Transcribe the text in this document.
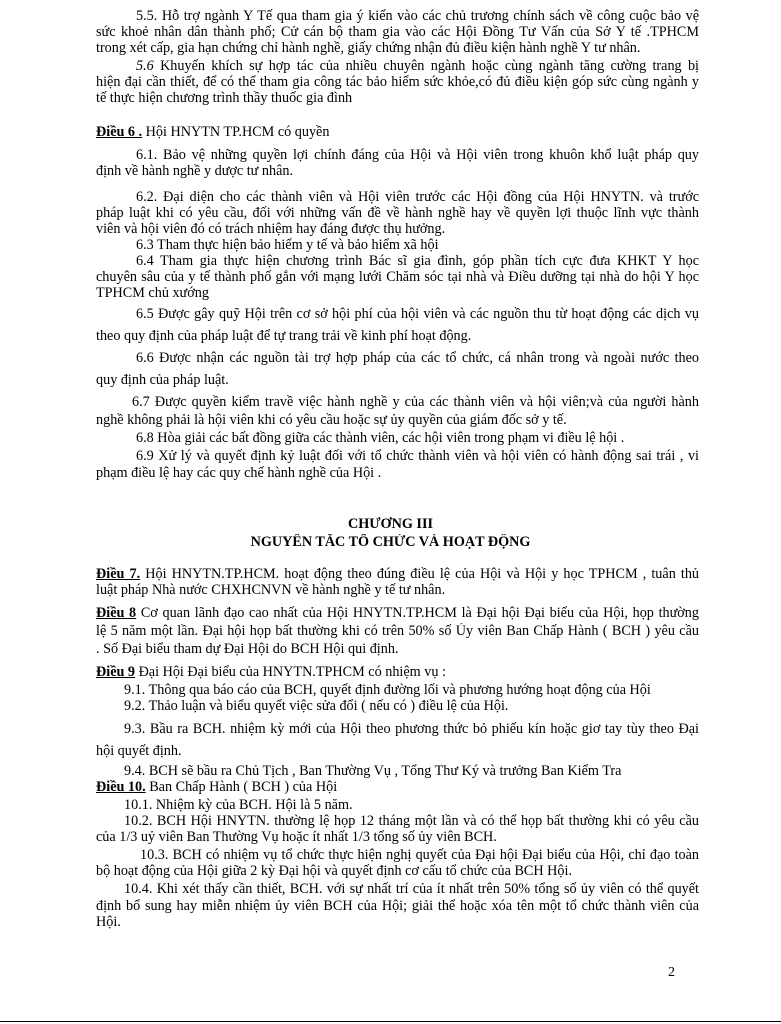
5.5. Hỗ trợ ngành Y Tế qua tham gia ý kiến vào các chủ trương chính sách về công cuộc bảo vệ
sức khoẻ nhân dân thành phố; Cử cán bộ tham gia vào các Hội Đồng Tư Vấn của Sở Y tế .TPHCM
trong xét cấp, gia hạn chứng chỉ hành nghề, giấy chứng nhận đủ điều kiện hành nghề Y tư nhân.
5.6 Khuyến khích sự hợp tác của nhiều chuyên ngành hoặc cùng ngành tăng cường trang bị
hiện đại cần thiết, để có thể tham gia công tác bảo hiểm sức khỏe,có đủ điều kiện góp sức cùng ngành y
tế thực hiện chương trình thầy thuốc gia đình
Điều 6 . Hội HNYTN TP.HCM có quyền
6.1. Bảo vệ những quyền lợi chính đáng của Hội và Hội viên trong khuôn khổ luật pháp quy
định về hành nghề y dược tư nhân.
6.2. Đại diện cho các thành viên và Hội viên trước các Hội đồng của Hội HNYTN. và trước
pháp luật khi có yêu cầu, đối với những vấn đề về hành nghề hay về quyền lợi thuộc lĩnh vực thành
viên và hội viên đó có trách nhiệm hay đáng được thụ hưởng.
6.3 Tham thực hiện bảo hiểm y tế và bảo hiểm xã hội
6.4 Tham gia thực hiện chương trình Bác sĩ gia đình, góp phần tích cực đưa KHKT Y học
chuyên sâu của y tế thành phố gắn với mạng lưới Chăm sóc tại nhà và Điều dưỡng tại nhà do hội Y học
TPHCM chủ xướng
6.5 Được gây quỹ Hội trên cơ sở hội phí của hội viên và các nguồn thu từ hoạt động các dịch vụ
theo quy định của pháp luật để tự trang trải về kinh phí hoạt động.
6.6 Được nhận các nguồn tài trợ hợp pháp của các tổ chức, cá nhân trong và ngoài nước theo
quy định của pháp luật.
6.7 Được quyền kiểm travề việc hành nghề y của các thành viên và hội viên;và của người hành
nghề không phải là hội viên khi có yêu cầu hoặc sự ủy quyền của giám đốc sở y tế.
6.8 Hòa giải các bất đồng giữa các thành viên, các hội viên trong phạm vi điều lệ hội .
6.9 Xử lý và quyết định kỷ luật đối với tổ chức thành viên và hội viên có hành động sai trái , vi
phạm điều lệ hay các quy chế hành nghề của Hội .
Điều 7. Hội HNYTN.TP.HCM. hoạt động theo đúng điều lệ của Hội và Hội y học TPHCM , tuân thủ
luật pháp Nhà nước CHXHCNVN về hành nghề y tế tư nhân.
Điều 8 Cơ quan lãnh đạo cao nhất của Hội HNYTN.TP.HCM là Đại hội Đại biểu của Hội, họp thường
lệ 5 năm một lần. Đại hội họp bất thường khi có trên 50% số Ủy viên Ban Chấp Hành ( BCH ) yêu cầu
. Số Đại biểu tham dự Đại Hội do BCH Hội qui định.
Điều 9 Đại Hội Đại biểu của HNYTN.TPHCM có nhiệm vụ :
9.1. Thông qua báo cáo của BCH, quyết định đường lối và phương hướng hoạt động của Hội
9.2. Thảo luận và biểu quyết việc sửa đổi ( nếu có ) điều lệ của Hội.
9.3. Bầu ra BCH. nhiệm kỳ mới của Hội theo phương thức bỏ phiếu kín hoặc giơ tay tùy theo Đại
hội quyết định.
9.4. BCH sẽ bầu ra Chủ Tịch , Ban Thường Vụ , Tổng Thư Ký và trưởng Ban Kiểm Tra
Điều 10. Ban Chấp Hành ( BCH ) của Hội
10.1. Nhiệm kỳ của BCH. Hội là 5 năm.
10.2. BCH Hội HNYTN. thường lệ họp 12 tháng một lần và có thể họp bất thường khi có yêu cầu
của 1/3 uỷ viên Ban Thường Vụ hoặc ít nhất 1/3 tổng số ủy viên BCH.
10.3. BCH có nhiệm vụ tổ chức thực hiện nghị quyết của Đại hội Đại biểu của Hội, chỉ đạo toàn
bộ hoạt động của Hội giữa 2 kỳ Đại hội và quyết định cơ cấu tổ chức của BCH Hội.
10.4. Khi xét thấy cần thiết, BCH. với sự nhất trí của ít nhất trên 50% tổng số ủy viên có thể quyết
định bổ sung hay miễn nhiệm ủy viên BCH của Hội; giải thể hoặc xóa tên một tổ chức thành viên của
Hội.
CHƯƠNG III
NGUYÊN TẮC TỔ CHỨC VÀ HOẠT ĐỘNG
2
